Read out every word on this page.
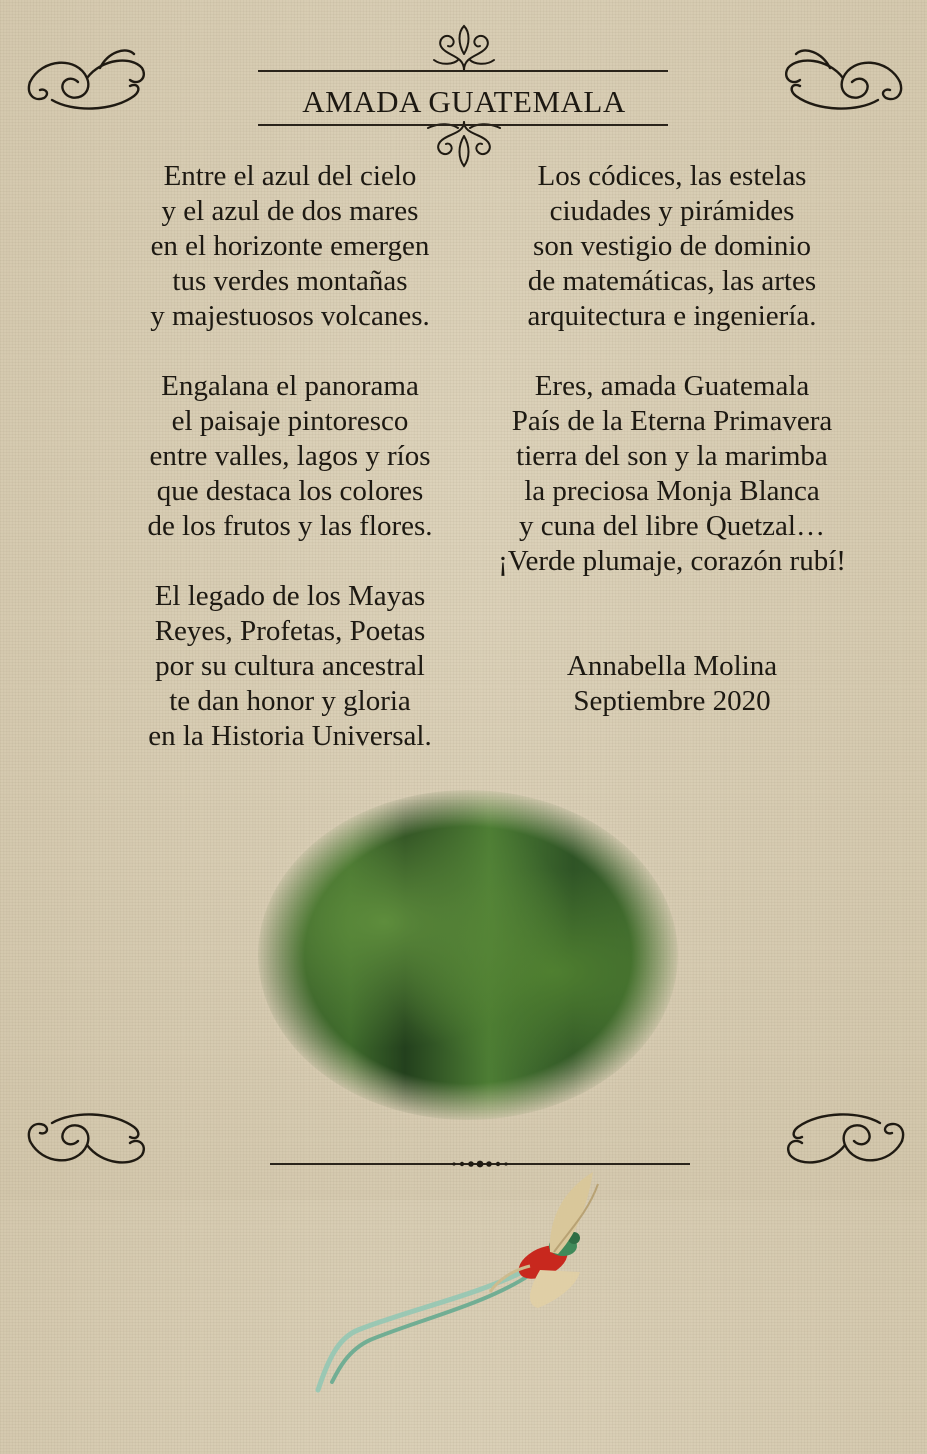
AMADA GUATEMALA
Entre el azul del cielo
y el azul de dos mares
en el horizonte emergen
tus verdes montañas
y majestuosos volcanes.
Engalana el panorama
el paisaje pintoresco
entre valles, lagos y ríos
que destaca los colores
de los frutos y las flores.
El legado de los Mayas
Reyes, Profetas, Poetas
por su cultura ancestral
te dan honor y gloria
en la Historia Universal.
Los códices, las estelas
ciudades y pirámides
son vestigio de dominio
de matemáticas, las artes
arquitectura e ingeniería.
Eres, amada Guatemala
País de la Eterna Primavera
tierra del son y la marimba
la preciosa Monja Blanca
y cuna del libre Quetzal…
¡Verde plumaje, corazón rubí!
Annabella Molina
Septiembre 2020
